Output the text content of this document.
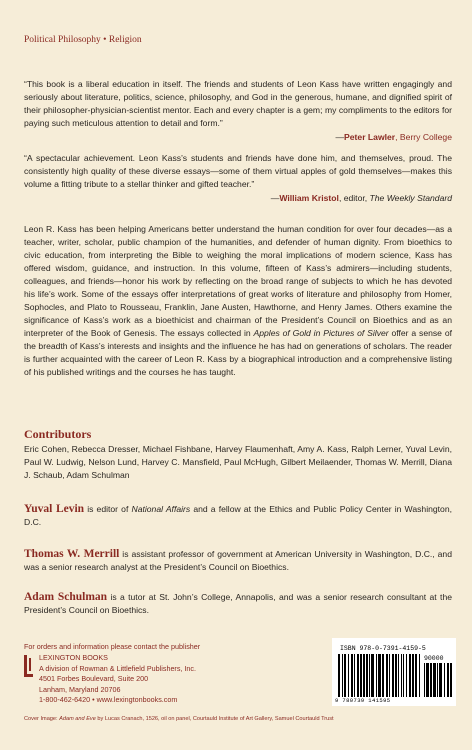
Political Philosophy • Religion
“This book is a liberal education in itself. The friends and students of Leon Kass have written engagingly and seriously about literature, politics, science, philosophy, and God in the generous, humane, and dignified spirit of their philosopher-physician-scientist mentor. Each and every chapter is a gem; my compliments to the editors for paying such meticulous attention to detail and form.”
—Peter Lawler, Berry College
“A spectacular achievement. Leon Kass’s students and friends have done him, and themselves, proud. The consistently high quality of these diverse essays—some of them virtual apples of gold themselves—makes this volume a fitting tribute to a stellar thinker and gifted teacher.”
—William Kristol, editor, The Weekly Standard
Leon R. Kass has been helping Americans better understand the human condition for over four decades—as a teacher, writer, scholar, public champion of the humanities, and defender of human dignity. From bioethics to civic education, from interpreting the Bible to weighing the moral implications of modern science, Kass has offered wisdom, guidance, and instruction. In this volume, fifteen of Kass’s admirers—including students, colleagues, and friends—honor his work by reflecting on the broad range of subjects to which he has devoted his life’s work. Some of the essays offer interpretations of great works of literature and philosophy from Homer, Sophocles, and Plato to Rousseau, Franklin, Jane Austen, Hawthorne, and Henry James. Others examine the significance of Kass’s work as a bioethicist and chairman of the President’s Council on Bioethics and as an interpreter of the Book of Genesis. The essays collected in Apples of Gold in Pictures of Silver offer a sense of the breadth of Kass’s interests and insights and the influence he has had on generations of scholars. The reader is further acquainted with the career of Leon R. Kass by a biographical introduction and a comprehensive listing of his published writings and the courses he has taught.
Contributors
Eric Cohen, Rebecca Dresser, Michael Fishbane, Harvey Flaumenhaft, Amy A. Kass, Ralph Lerner, Yuval Levin, Paul W. Ludwig, Nelson Lund, Harvey C. Mansfield, Paul McHugh, Gilbert Meilaender, Thomas W. Merrill, Diana J. Schaub, Adam Schulman
Yuval Levin is editor of National Affairs and a fellow at the Ethics and Public Policy Center in Washington, D.C.
Thomas W. Merrill is assistant professor of government at American University in Washington, D.C., and was a senior research analyst at the President’s Council on Bioethics.
Adam Schulman is a tutor at St. John’s College, Annapolis, and was a senior research consultant at the President’s Council on Bioethics.
For orders and information please contact the publisher
LEXINGTON BOOKS
A division of Rowman & Littlefield Publishers, Inc.
4501 Forbes Boulevard, Suite 200
Lanham, Maryland 20706
1-800-462-6420 • www.lexingtonbooks.com
ISBN 978-0-7391-4159-5
90000
9 780739 141595
Cover Image: Adam and Eve by Lucas Cranach, 1526, oil on panel, Courtauld Institute of Art Gallery, Samuel Courtauld Trust
